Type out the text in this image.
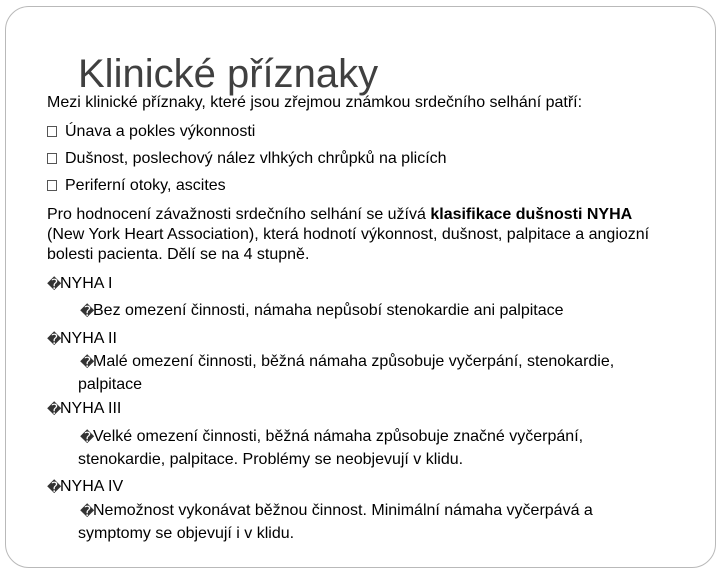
Klinické příznaky
Mezi klinické příznaky, které jsou zřejmou známkou srdečního selhání patří:
Únava a pokles výkonnosti
Dušnost, poslechový nález vlhkých chrůpků na plicích
Periferní otoky, ascites

Pro hodnocení závažnosti srdečního selhání se užívá klasifikace dušnosti NYHA (New York Heart Association), která hodnotí výkonnost, dušnost, palpitace a angiozní bolesti pacienta. Dělí se na 4 stupně.

�
NYHA I
�
Bez omezení činnosti, námaha nepůsobí stenokardie ani palpitace
�
NYHA II
�
Malé omezení činnosti, běžná námaha způsobuje vyčerpání, stenokardie,
palpitace
�
NYHA III
�
Velké omezení činnosti, běžná námaha způsobuje značné vyčerpání,
stenokardie, palpitace. Problémy se neobjevují v klidu.
�
NYHA IV
�
Nemožnost vykonávat běžnou činnost. Minimální námaha vyčerpává a
symptomy se objevují i v klidu.
